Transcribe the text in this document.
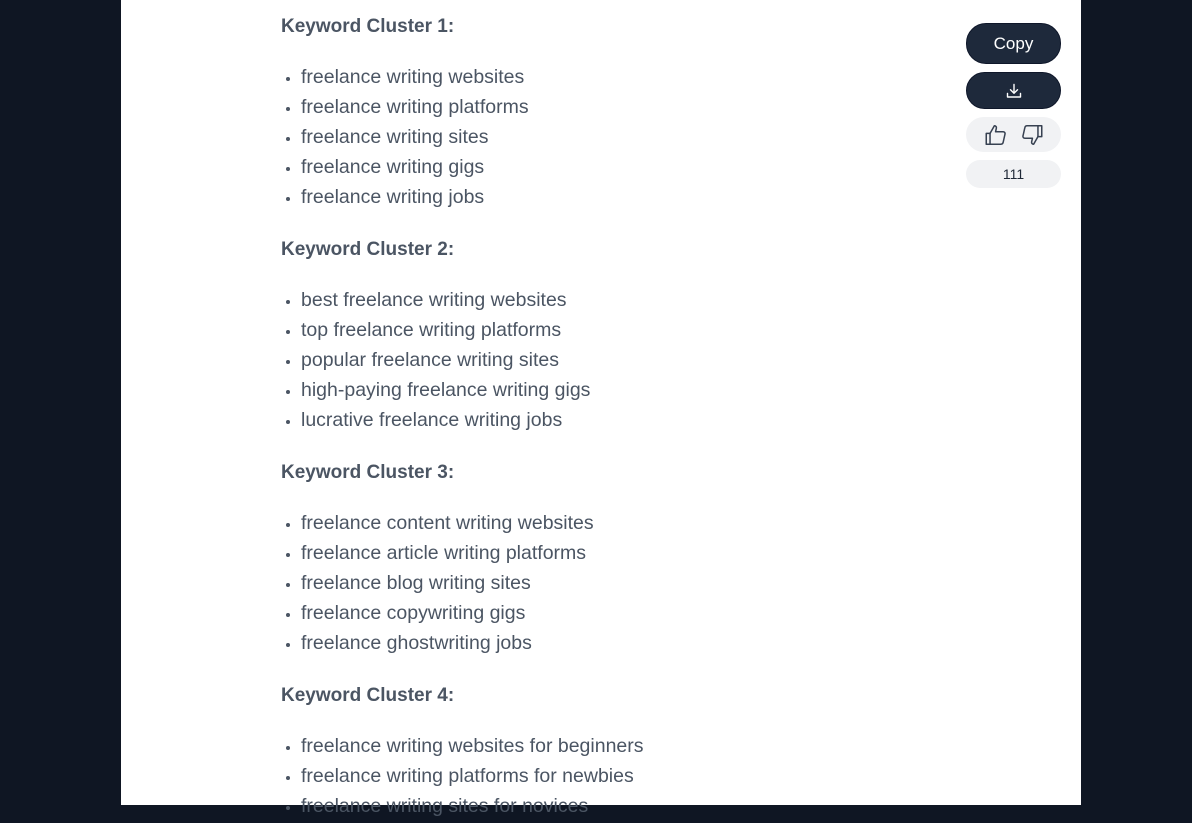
Keyword Cluster 1:
• freelance writing websites
• freelance writing platforms
• freelance writing sites
• freelance writing gigs
• freelance writing jobs
Keyword Cluster 2:
• best freelance writing websites
• top freelance writing platforms
• popular freelance writing sites
• high-paying freelance writing gigs
• lucrative freelance writing jobs
Keyword Cluster 3:
• freelance content writing websites
• freelance article writing platforms
• freelance blog writing sites
• freelance copywriting gigs
• freelance ghostwriting jobs
Keyword Cluster 4:
• freelance writing websites for beginners
• freelance writing platforms for newbies
• freelance writing sites for novices
Copy
111
